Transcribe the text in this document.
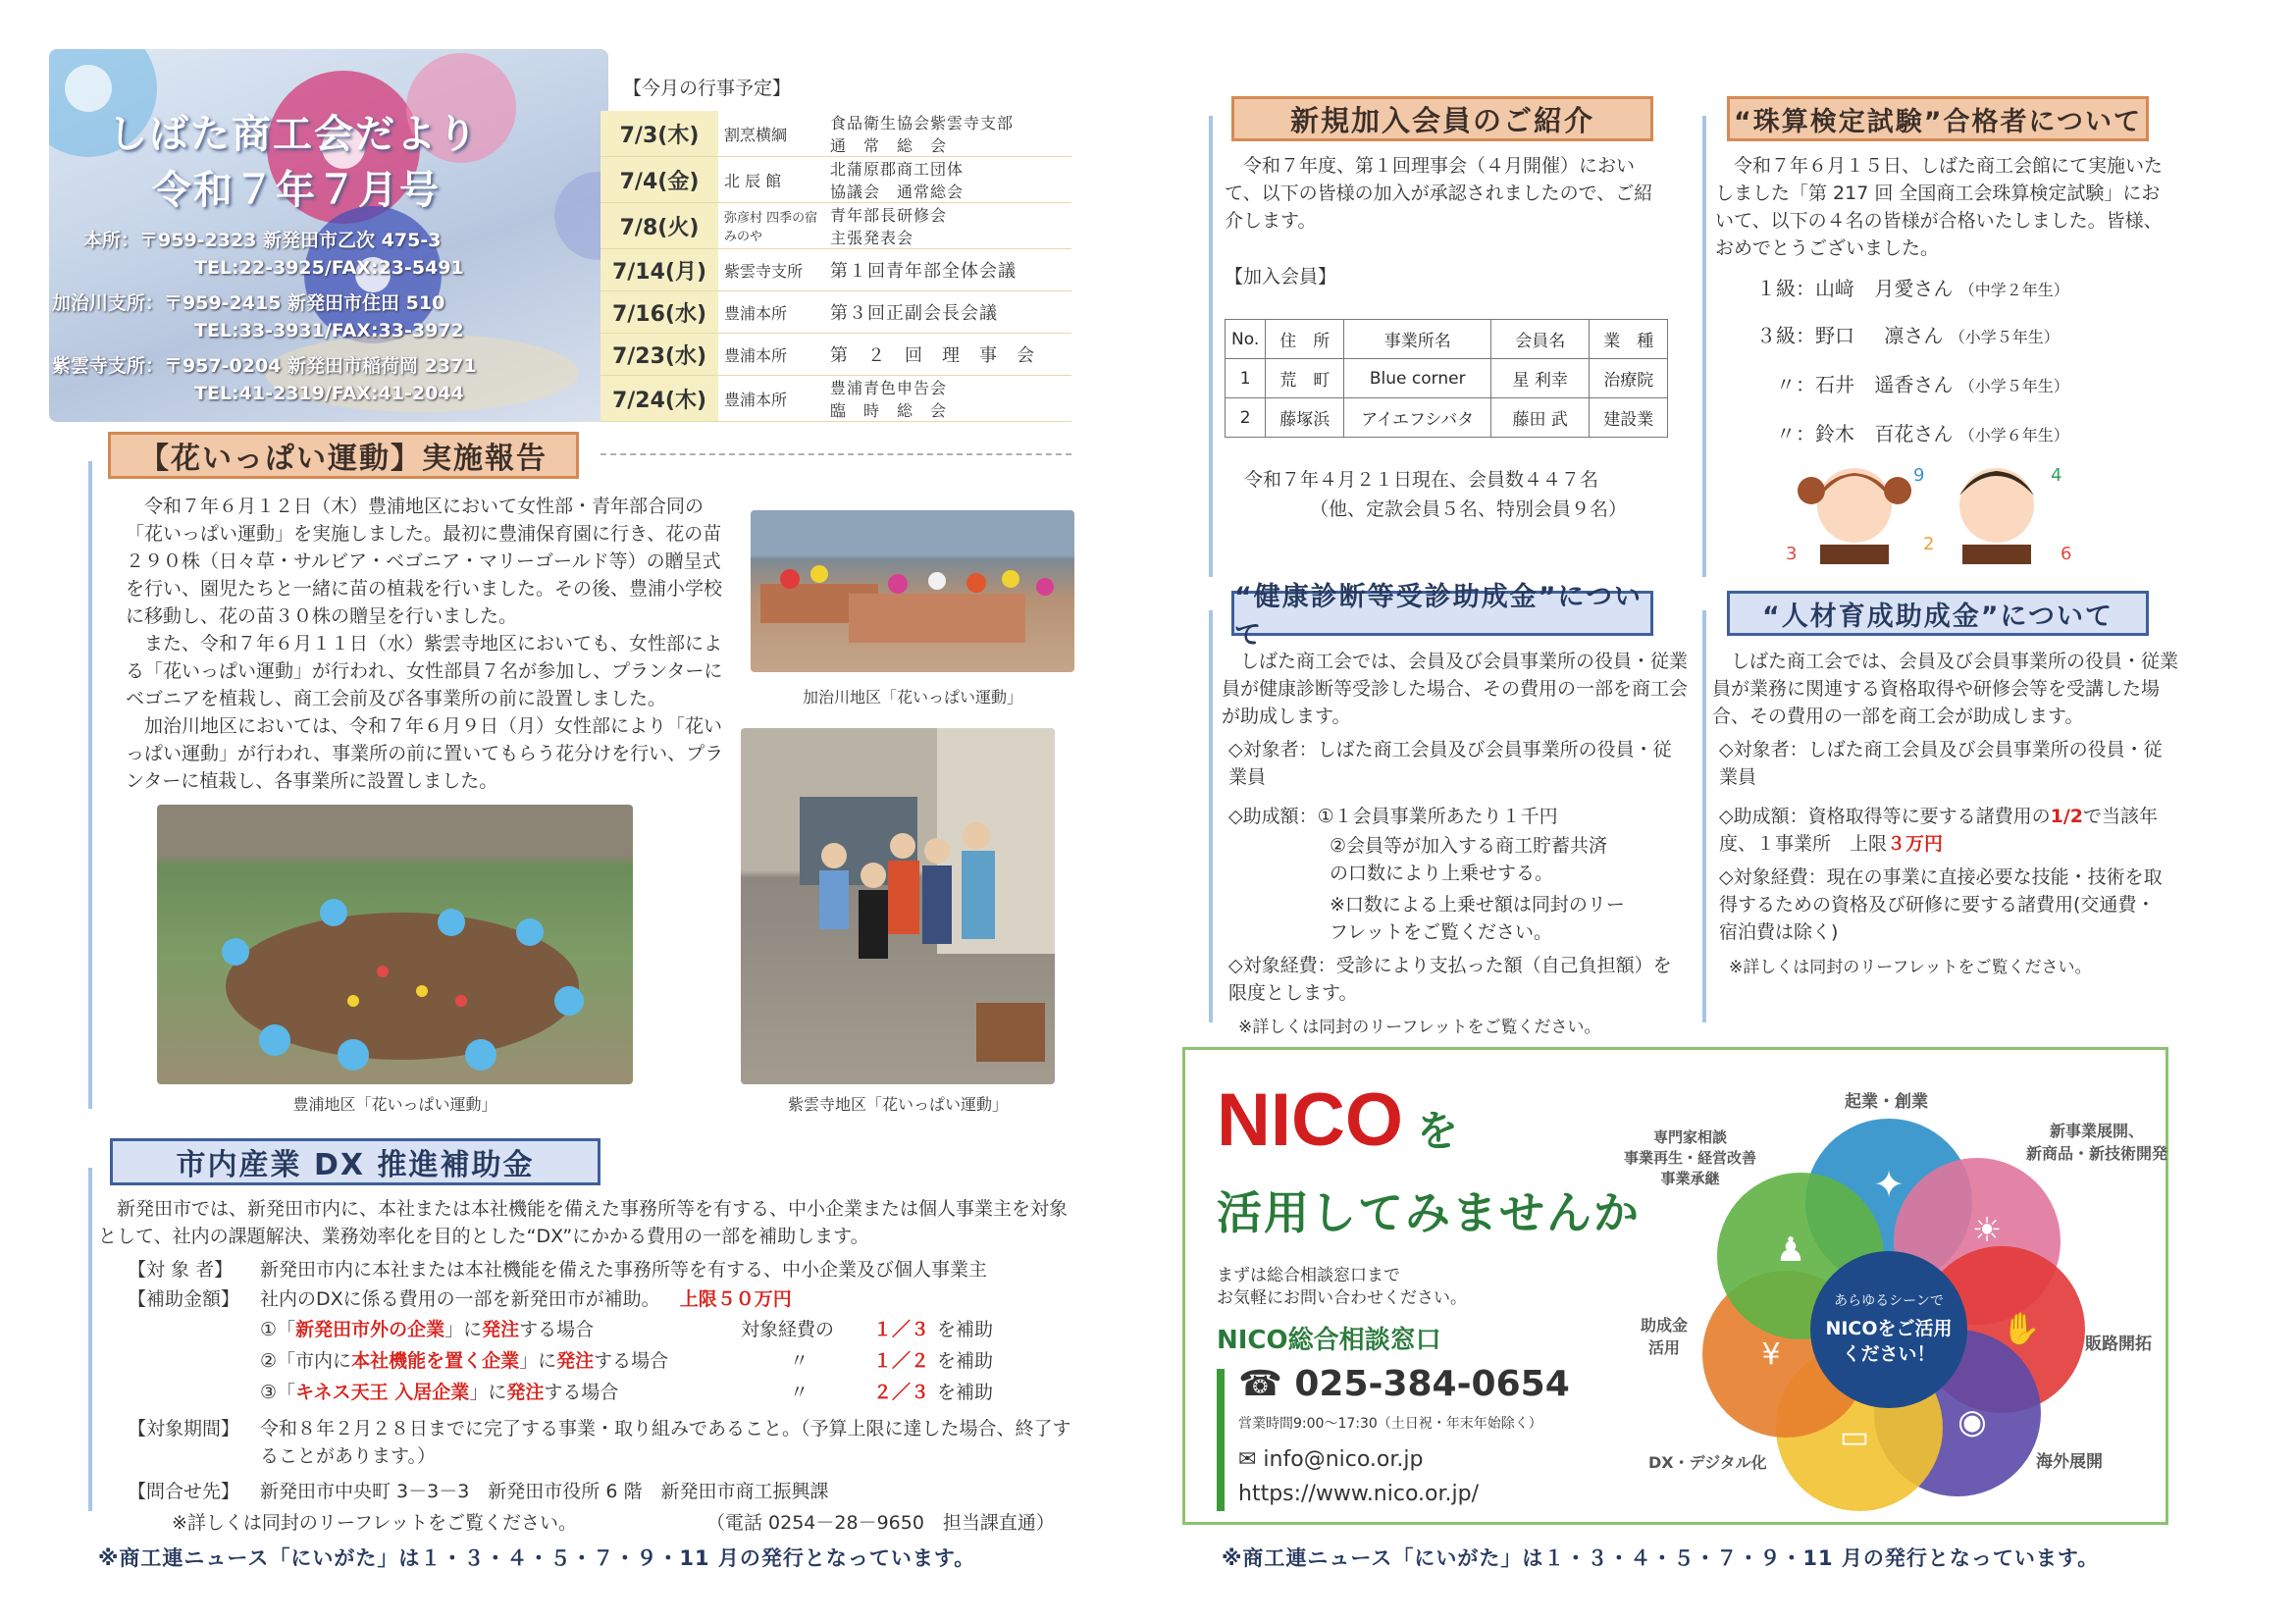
しばた商工会だより
令和７年７月号
本所：〒959-2323 新発田市乙次 475-3
TEL:22-3925/FAX:23-5491
加治川支所：〒959-2415 新発田市住田 510
TEL:33-3931/FAX:33-3972
紫雲寺支所：〒957-0204 新発田市稲荷岡 2371
TEL:41-2319/FAX:41-2044
【今月の行事予定】
7/3(木)	割烹横綱	食品衛生協会紫雲寺支部
通　常　総　会

7/4(金)	北 辰 館	北蒲原郡商工団体
協議会　通常総会

7/8(火)	弥彦村 四季の宿 みのや	青年部長研修会
主張発表会

7/14(月)	紫雲寺支所	第１回青年部全体会議
7/16(水)	豊浦本所	第３回正副会長会議
7/23(水)	豊浦本所	第　２　回　理　事　会
7/24(木)	豊浦本所	豊浦青色申告会
臨　時　総　会
【花いっぱい運動】実施報告

令和７年６月１２日（木）豊浦地区において女性部・青年部合同の「花いっぱい運動」を実施しました。最初に豊浦保育園に行き、花の苗２９０株（日々草・サルビア・ベゴニア・マリーゴールド等）の贈呈式を行い、園児たちと一緒に苗の植栽を行いました。その後、豊浦小学校に移動し、花の苗３０株の贈呈を行いました。

また、令和７年６月１１日（水）紫雲寺地区においても、女性部による「花いっぱい運動」が行われ、女性部員７名が参加し、プランターにベゴニアを植栽し、商工会前及び各事業所の前に設置しました。

加治川地区においては、令和７年６月９日（月）女性部により「花いっぱい運動」が行われ、事業所の前に置いてもらう花分けを行い、プランターに植栽し、各事業所に設置しました。

加治川地区「花いっぱい運動」
豊浦地区「花いっぱい運動」	紫雲寺地区「花いっぱい運動」
市内産業 DX 推進補助金
新発田市では、新発田市内に、本社または本社機能を備えた事務所等を有する、中小企業または個人事業主を対象として、社内の課題解決、業務効率化を目的とした“DX”にかかる費用の一部を補助します。
【対 象 者】 新発田市内に本社または本社機能を備えた事務所等を有する、中小企業及び個人事業主
【補助金額】 社内のDXに係る費用の一部を新発田市が補助。 上限５０万円
①「新発田市外の企業」に発注する場合	対象経費の １／３ を補助
②「市内に本社機能を置く企業」に発注する場合	〃	１／２ を補助
③「キネス天王 入居企業」に発注する場合	〃	２／３ を補助
【対象期間】 令和８年２月２８日までに完了する事業・取り組みであること。（予算上限に達した場合、終了することがあります。）
【問合せ先】 新発田市中央町 3－3－3　新発田市役所 6 階　新発田市商工振興課
※詳しくは同封のリーフレットをご覧ください。	（電話 0254－28－9650　担当課直通）
※商工連ニュース「にいがた」は１・３・４・５・７・９・11 月の発行となっています。
新規加入会員のご紹介
令和７年度、第１回理事会（４月開催）において、以下の皆様の加入が承認されましたので、ご紹介します。
【加入会員】
No.	住　所	事業所名	会員名	業　種
1	荒　町	Blue corner	星 利幸	治療院
2	藤塚浜	アイエフシバタ	藤田 武	建設業
令和７年４月２１日現在、会員数４４７名
（他、定款会員５名、特別会員９名）
“珠算検定試験”合格者について
令和７年６月１５日、しばた商工会館にて実施いたしました「第 217 回 全国商工会珠算検定試験」において、以下の４名の皆様が合格いたしました。皆様、おめでとうございました。
１級：山﨑 月愛さん （中学２年生）
３級：野口 凛さん （小学５年生）
〃：石井 遥香さん （小学５年生）
〃：鈴木 百花さん （小学６年生）
3
9
2
4
6
“健康診断等受診助成金”について
しばた商工会では、会員及び会員事業所の役員・従業員が健康診断等受診した場合、その費用の一部を商工会が助成します。
◇対象者：しばた商工会員及び会員事業所の役員・従業員
◇助成額：①１会員事業所あたり１千円
②会員等が加入する商工貯蓄共済の口数により上乗せする。
※口数による上乗せ額は同封のリーフレットをご覧ください。
◇対象経費：受診により支払った額（自己負担額）を限度とします。
※詳しくは同封のリーフレットをご覧ください。
“人材育成助成金”について
しばた商工会では、会員及び会員事業所の役員・従業員が業務に関連する資格取得や研修会等を受講した場合、その費用の一部を商工会が助成します。
◇対象者：しばた商工会員及び会員事業所の役員・従業員
◇助成額：資格取得等に要する諸費用の1/2で当該年度、１事業所　上限３万円
◇対象経費：現在の事業に直接必要な技能・技術を取得するための資格及び研修に要する諸費用(交通費・宿泊費は除く)
※詳しくは同封のリーフレットをご覧ください。
NICO を
活用してみませんか
まずは総合相談窓口まで
お気軽にお問い合わせください。
NICO総合相談窓口
☎ 025-384-0654
営業時間9:00～17:30（土日祝・年末年始除く）
✉ info@nico.or.jp
https://www.nico.or.jp/
あらゆるシーンで
NICOをご活用
ください！
✦
☀
✋
◉
▭
¥
♟
起業・創業
新事業展開、
新商品・新技術開発
専門家相談
事業再生・経営改善
事業承継
助成金
活用	販路開拓
DX・デジタル化	海外展開
※商工連ニュース「にいがた」は１・３・４・５・７・９・11 月の発行となっています。
